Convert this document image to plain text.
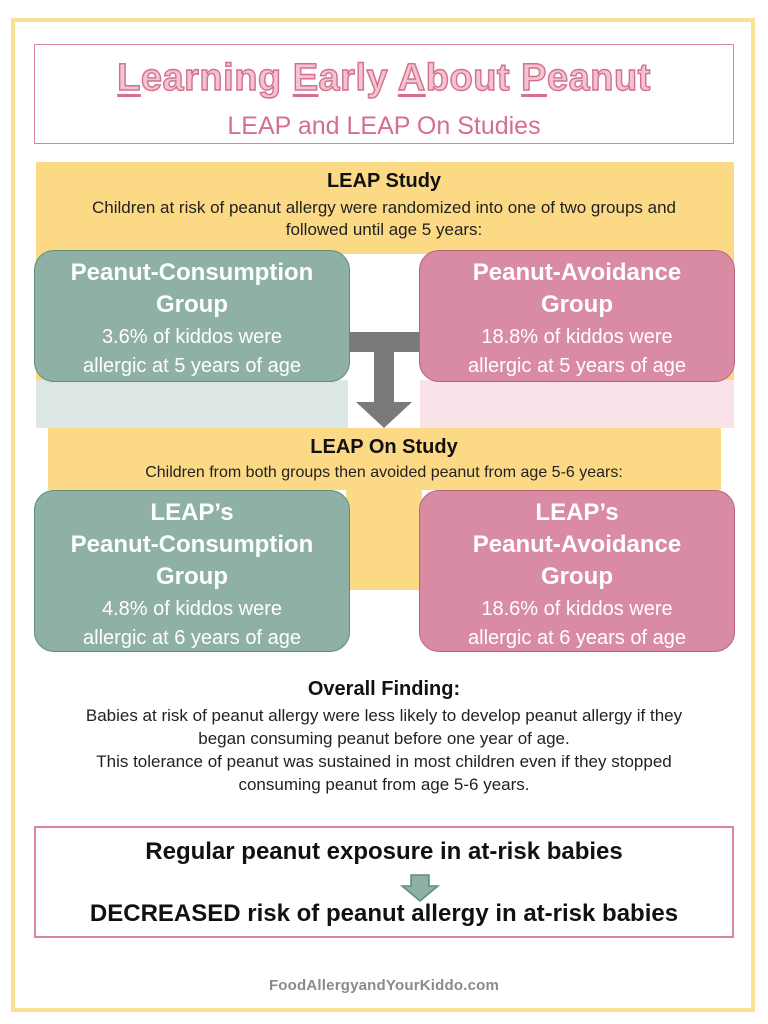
Learning Early About Peanut
LEAP and LEAP On Studies
LEAP Study
Children at risk of peanut allergy were randomized into one of two groups and
followed until age 5 years:
Peanut-Consumption
Group
3.6% of kiddos were
allergic at 5 years of age
Peanut-Avoidance
Group
18.8% of kiddos were
allergic at 5 years of age
LEAP On Study
Children from both groups then avoided peanut from age 5-6 years:
LEAP’s
Peanut-Consumption
Group
4.8% of kiddos were
allergic at 6 years of age
LEAP’s
Peanut-Avoidance
Group
18.6% of kiddos were
allergic at 6 years of age
Overall Finding:
Babies at risk of peanut allergy were less likely to develop peanut allergy if they
began consuming peanut before one year of age.
This tolerance of peanut was sustained in most children even if they stopped
consuming peanut from age 5-6 years.
Regular peanut exposure in at-risk babies
DECREASED risk of peanut allergy in at-risk babies
FoodAllergyandYourKiddo.com
